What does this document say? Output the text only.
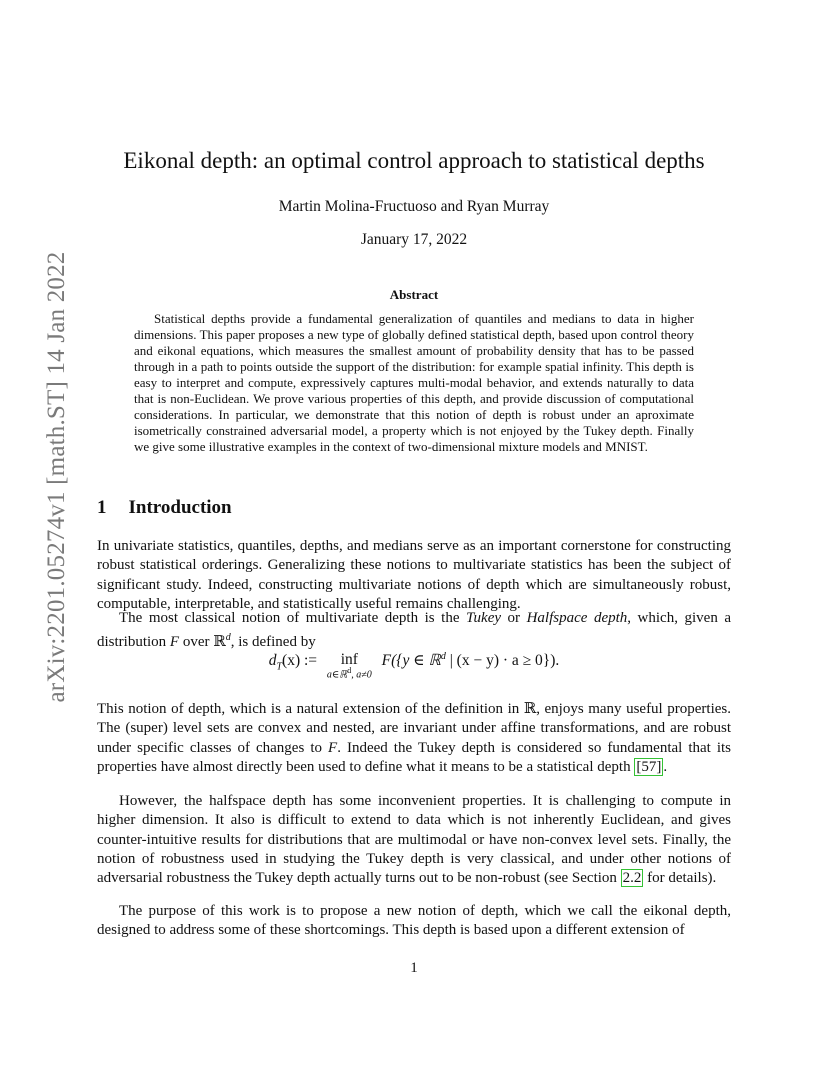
arXiv:2201.05274v1 [math.ST] 14 Jan 2022
Eikonal depth: an optimal control approach to statistical depths
Martin Molina-Fructuoso and Ryan Murray
January 17, 2022
Abstract
Statistical depths provide a fundamental generalization of quantiles and medians to data in higher dimensions. This paper proposes a new type of globally defined statistical depth, based upon control theory and eikonal equations, which measures the smallest amount of probability density that has to be passed through in a path to points outside the support of the distribution: for example spatial infinity. This depth is easy to interpret and compute, expressively captures multi-modal behavior, and extends naturally to data that is non-Euclidean. We prove various properties of this depth, and provide discussion of computational considerations. In particular, we demonstrate that this notion of depth is robust under an aproximate isometrically constrained adversarial model, a property which is not enjoyed by the Tukey depth. Finally we give some illustrative examples in the context of two-dimensional mixture models and MNIST.
1 Introduction
In univariate statistics, quantiles, depths, and medians serve as an important cornerstone for constructing robust statistical orderings. Generalizing these notions to multivariate statistics has been the subject of significant study. Indeed, constructing multivariate notions of depth which are simultaneously robust, computable, interpretable, and statistically useful remains challenging.
The most classical notion of multivariate depth is the Tukey or Halfspace depth, which, given a distribution F over ℝ$^d$, is defined by
$d_T(x)$ := inf
a∈ℝ$^d$, a≠0
F({y ∈ ℝ$^d$ | (x − y) · a ≥ 0}).
This notion of depth, which is a natural extension of the definition in ℝ, enjoys many useful properties. The (super) level sets are convex and nested, are invariant under affine transformations, and are robust under specific classes of changes to F. Indeed the Tukey depth is considered so fundamental that its properties have almost directly been used to define what it means to be a statistical depth [57] .
However, the halfspace depth has some inconvenient properties. It is challenging to compute in higher dimension. It also is difficult to extend to data which is not inherently Euclidean, and gives counter-intuitive results for distributions that are multimodal or have non-convex level sets. Finally, the notion of robustness used in studying the Tukey depth is very classical, and under other notions of adversarial robustness the Tukey depth actually turns out to be non-robust (see Section 2.2 for details).
The purpose of this work is to propose a new notion of depth, which we call the eikonal depth, designed to address some of these shortcomings. This depth is based upon a different extension of
1
